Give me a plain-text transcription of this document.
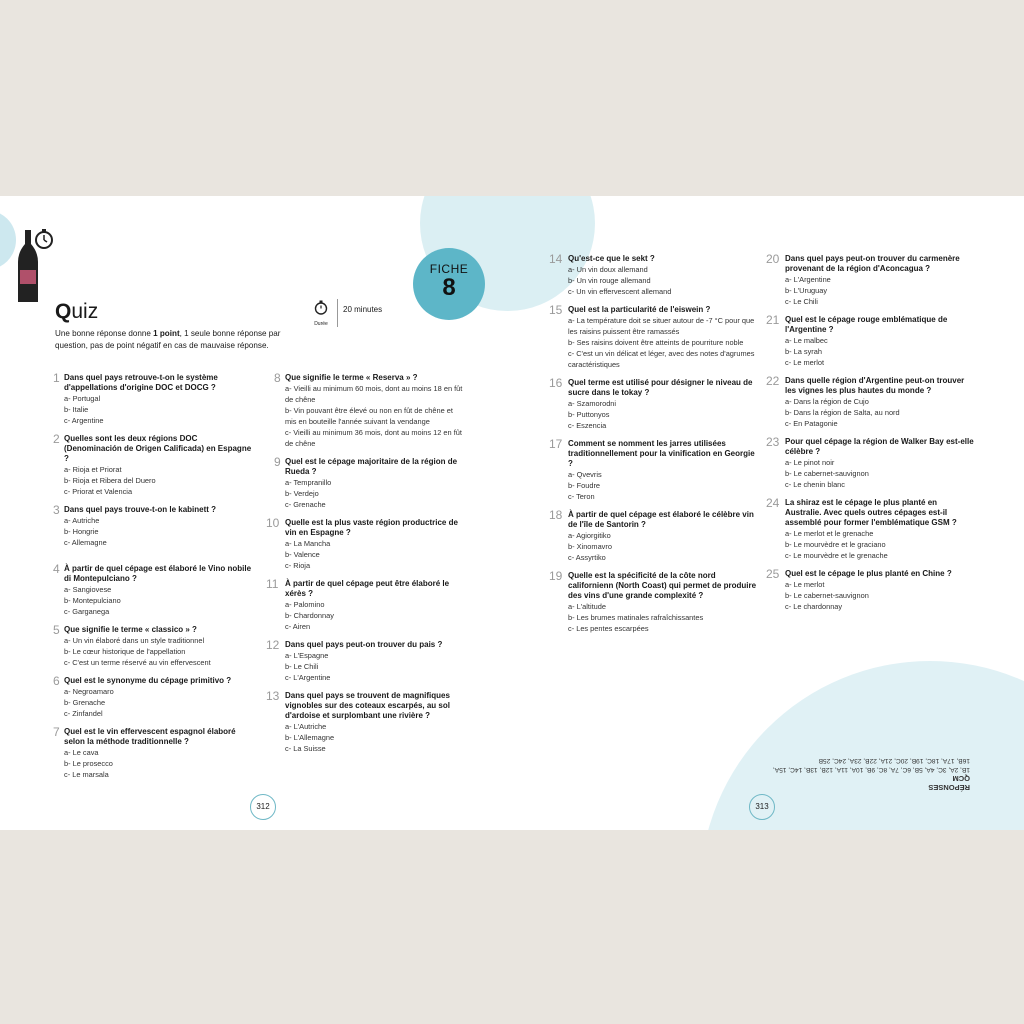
Quiz
Durée
20 minutes
Une bonne réponse donne 1 point, 1 seule bonne réponse par question, pas de point négatif en cas de mauvaise réponse.
FICHE
8
1 Dans quel pays retrouve-t-on le système d'appellations d'origine DOC et DOCG ?
a- Portugal
b- Italie
c- Argentine
2 Quelles sont les deux régions DOC (Denominación de Origen Calificada) en Espagne ?
a- Rioja et Priorat
b- Rioja et Ribera del Duero
c- Priorat et Valencia
3 Dans quel pays trouve-t-on le kabinett ?
a- Autriche
b- Hongrie
c- Allemagne
4 À partir de quel cépage est élaboré le Vino nobile di Montepulciano ?
a- Sangiovese
b- Montepulciano
c- Garganega
5 Que signifie le terme « classico » ?
a- Un vin élaboré dans un style traditionnel
b- Le cœur historique de l'appellation
c- C'est un terme réservé au vin effervescent
6 Quel est le synonyme du cépage primitivo ?
a- Negroamaro
b- Grenache
c- Zinfandel
7 Quel est le vin effervescent espagnol élaboré selon la méthode traditionnelle ?
a- Le cava
b- Le prosecco
c- Le marsala
8 Que signifie le terme « Reserva » ?
a- Vieilli au minimum 60 mois, dont au moins 18 en fût de chêne
b- Vin pouvant être élevé ou non en fût de chêne et mis en bouteille l'année suivant la vendange
c- Vieilli au minimum 36 mois, dont au moins 12 en fût de chêne
9 Quel est le cépage majoritaire de la région de Rueda ?
a- Tempranillo
b- Verdejo
c- Grenache
10 Quelle est la plus vaste région productrice de vin en Espagne ?
a- La Mancha
b- Valence
c- Rioja
11 À partir de quel cépage peut être élaboré le xérès ?
a- Palomino
b- Chardonnay
c- Airen
12 Dans quel pays peut-on trouver du pais ?
a- L'Espagne
b- Le Chili
c- L'Argentine
13 Dans quel pays se trouvent de magnifiques vignobles sur des coteaux escarpés, au sol d'ardoise et surplombant une rivière ?
a- L'Autriche
b- L'Allemagne
c- La Suisse
14 Qu'est-ce que le sekt ?
a- Un vin doux allemand
b- Un vin rouge allemand
c- Un vin effervescent allemand
15 Quel est la particularité de l'eiswein ?
a- La température doit se situer autour de -7 °C pour que les raisins puissent être ramassés
b- Ses raisins doivent être atteints de pourriture noble
c- C'est un vin délicat et léger, avec des notes d'agrumes caractéristiques
16 Quel terme est utilisé pour désigner le niveau de sucre dans le tokay ?
a- Szamorodni
b- Puttonyos
c- Eszencia
17 Comment se nomment les jarres utilisées traditionnellement pour la vinification en Georgie ?
a- Qvevris
b- Foudre
c- Teron
18 À partir de quel cépage est élaboré le célèbre vin de l'île de Santorin ?
a- Agiorgitiko
b- Xinomavro
c- Assyrtiko
19 Quelle est la spécificité de la côte nord californienn (North Coast) qui permet de produire des vins d'une grande complexité ?
a- L'altitude
b- Les brumes matinales rafraîchissantes
c- Les pentes escarpées
20 Dans quel pays peut-on trouver du carmenère provenant de la région d'Aconcagua ?
a- L'Argentine
b- L'Uruguay
c- Le Chili
21 Quel est le cépage rouge emblématique de l'Argentine ?
a- Le malbec
b- La syrah
c- Le merlot
22 Dans quelle région d'Argentine peut-on trouver les vignes les plus hautes du monde ?
a- Dans la région de Cujo
b- Dans la région de Salta, au nord
c- En Patagonie
23 Pour quel cépage la région de Walker Bay est-elle célèbre ?
a- Le pinot noir
b- Le cabernet-sauvignon
c- Le chenin blanc
24 La shiraz est le cépage le plus planté en Australie. Avec quels outres cépages est-il assemblé pour former l'emblématique GSM ?
a- Le merlot et le grenache
b- Le mourvèdre et le graciano
c- Le mourvèdre et le grenache
25 Quel est le cépage le plus planté en Chine ?
a- Le merlot
b- Le cabernet-sauvignon
c- Le chardonnay
312	313
RÉPONSES
QCM
1B, 2A, 3C, 4A, 5B, 6C, 7A, 8C, 9B, 10A, 11A, 12B, 13B, 14C, 15A, 16B, 17A, 18C, 19B, 20C, 21A, 22B, 23A, 24C, 25B
